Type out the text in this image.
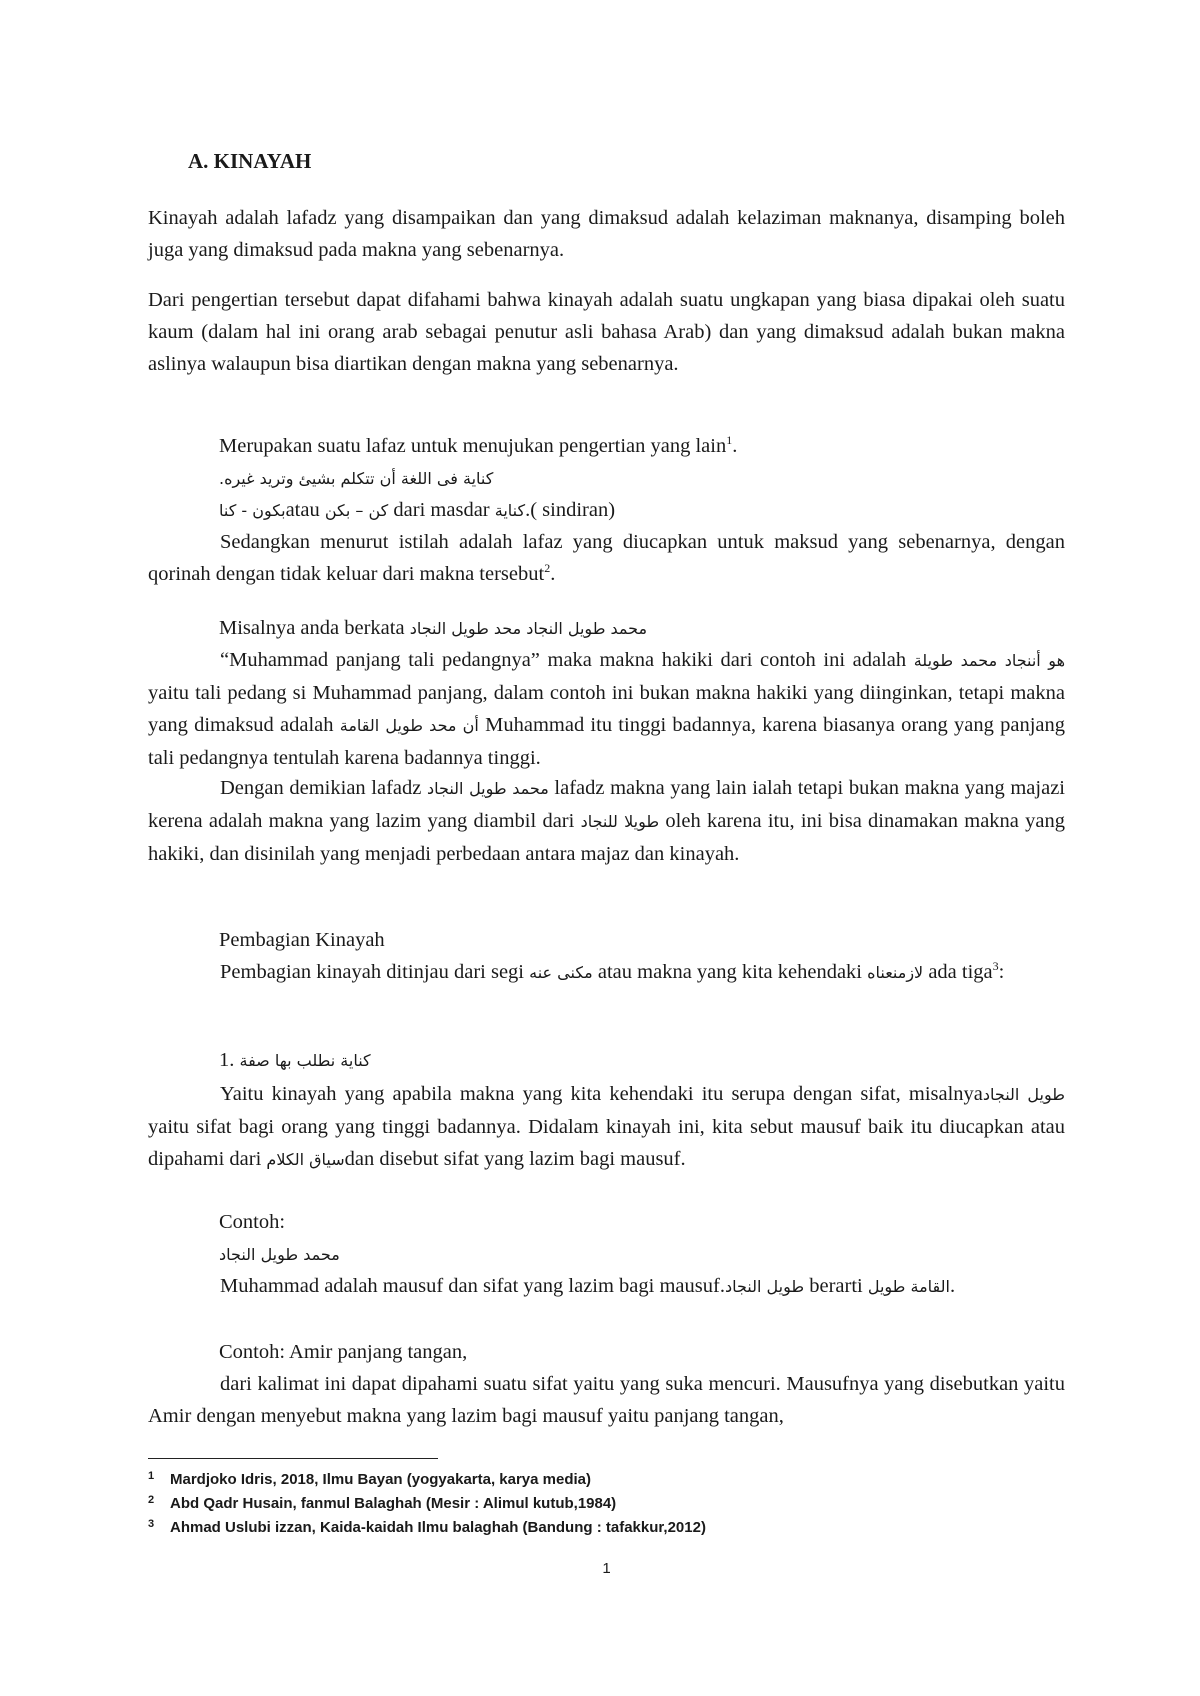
A. KINAYAH
Kinayah adalah lafadz yang disampaikan dan yang dimaksud adalah kelaziman maknanya, disamping boleh juga yang dimaksud pada makna yang sebenarnya.
Dari pengertian tersebut dapat difahami bahwa kinayah adalah suatu ungkapan yang biasa dipakai oleh suatu kaum (dalam hal ini orang arab sebagai penutur asli bahasa Arab) dan yang dimaksud adalah bukan makna aslinya walaupun bisa diartikan dengan makna yang sebenarnya.
Merupakan suatu lafaz untuk menujukan pengertian yang lain$^1$.
كناية فى اللغة أن تتكلم بشيئ وتريد غيره.
بكون - كناatau كن – بكن dari masdar كناية.( sindiran)
Sedangkan menurut istilah adalah lafaz yang diucapkan untuk maksud yang sebenarnya, dengan qorinah dengan tidak keluar dari makna tersebut$^2$.
Misalnya anda berkata محمد طويل النجاد محد طويل النجاد
“Muhammad panjang tali pedangnya” maka makna hakiki dari contoh ini adalah هو أننجاد محمد طويلة yaitu tali pedang si Muhammad panjang, dalam contoh ini bukan makna hakiki yang diinginkan, tetapi makna yang dimaksud adalah أن محد طويل القامة Muhammad itu tinggi badannya, karena biasanya orang yang panjang tali pedangnya tentulah karena badannya tinggi.
Dengan demikian lafadz محمد طويل النجاد lafadz makna yang lain ialah tetapi bukan makna yang majazi kerena adalah makna yang lazim yang diambil dari طويلا للنجاد oleh karena itu, ini bisa dinamakan makna yang hakiki, dan disinilah yang menjadi perbedaan antara majaz dan kinayah.
Pembagian Kinayah
Pembagian kinayah ditinjau dari segi مكنى عنه atau makna yang kita kehendaki لازمنعناه ada tiga$^3$:
1. كناية نطلب بها صفة
Yaitu kinayah yang apabila makna yang kita kehendaki itu serupa dengan sifat, misalnyaطويل النجاد yaitu sifat bagi orang yang tinggi badannya. Didalam kinayah ini, kita sebut mausuf baik itu diucapkan atau dipahami dari سياق الكلامdan disebut sifat yang lazim bagi mausuf.
Contoh:
محمد طويل النجاد
Muhammad adalah mausuf dan sifat yang lazim bagi mausuf.طويل النجاد berarti القامة طويل.
Contoh: Amir panjang tangan,
dari kalimat ini dapat dipahami suatu sifat yaitu yang suka mencuri. Mausufnya yang disebutkan yaitu Amir dengan menyebut makna yang lazim bagi mausuf yaitu panjang tangan,
1 Mardjoko Idris, 2018, Ilmu Bayan (yogyakarta, karya media)
2 Abd Qadr Husain, fanmul Balaghah (Mesir : Alimul kutub,1984)
3 Ahmad Uslubi izzan, Kaida-kaidah Ilmu balaghah (Bandung : tafakkur,2012)
1
